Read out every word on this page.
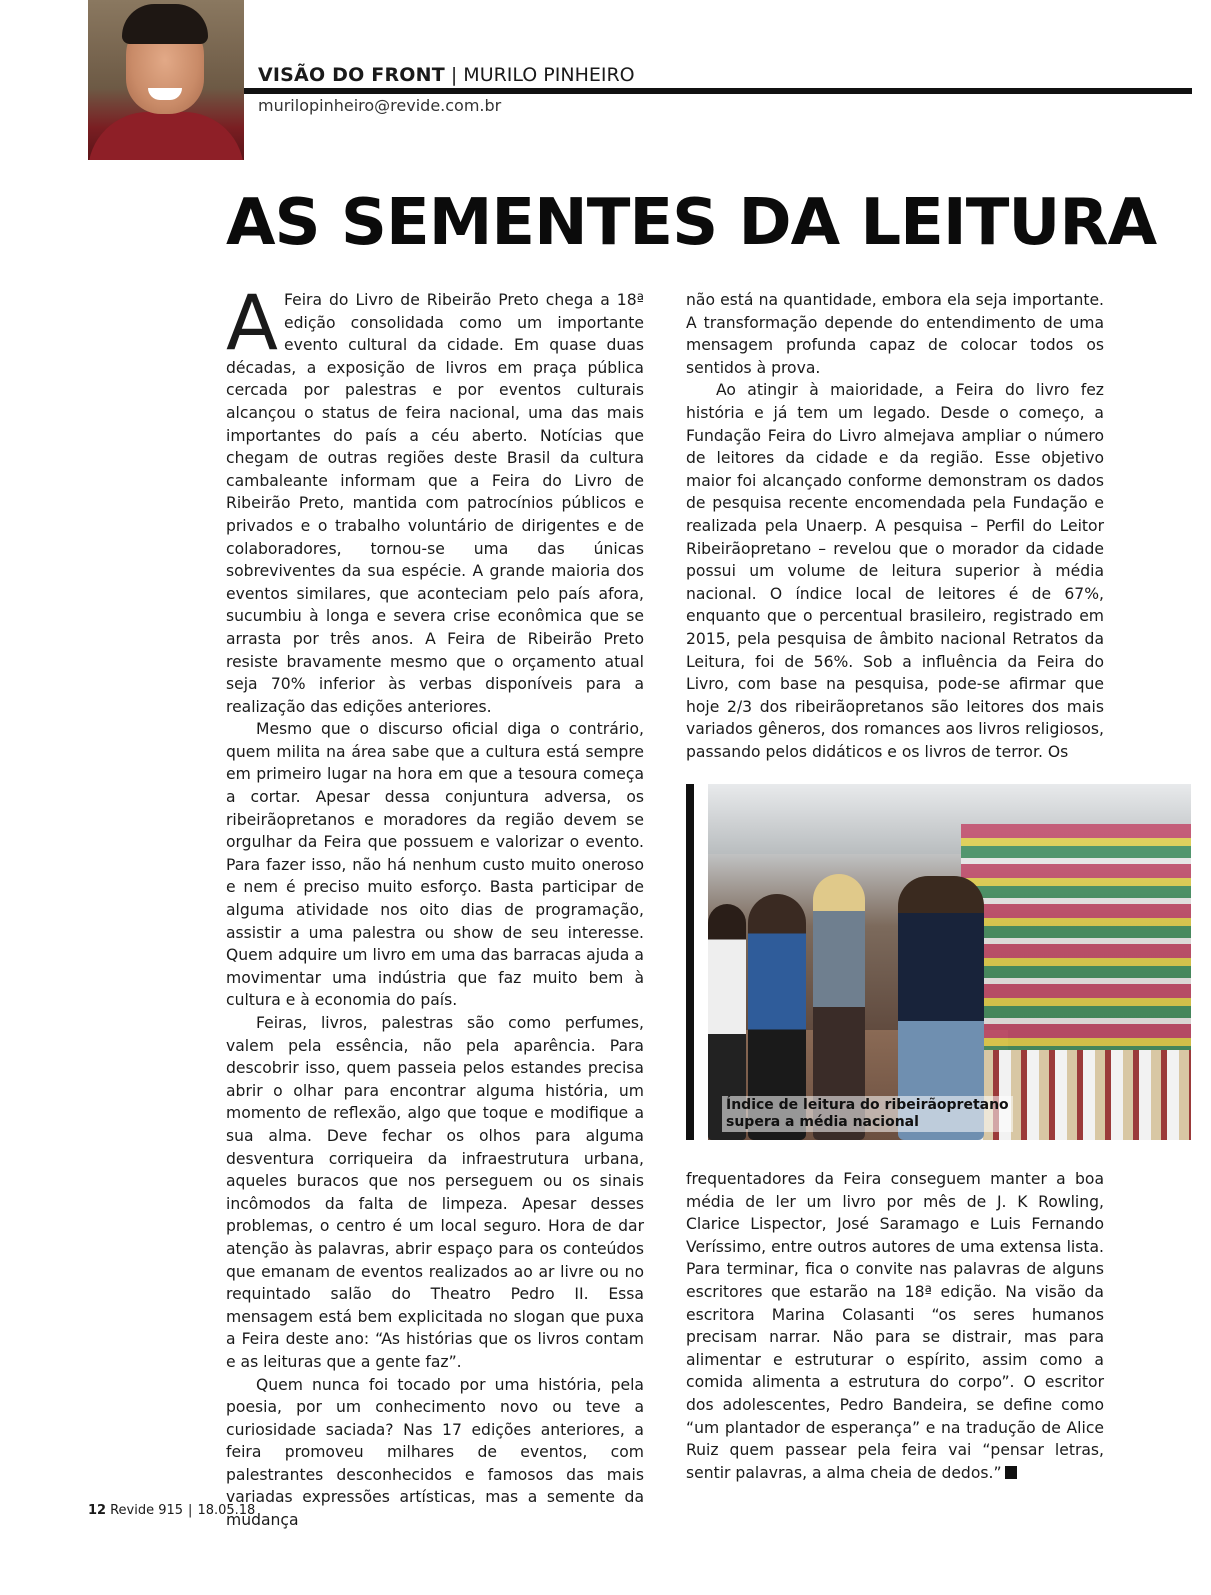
VISÃO DO FRONT | MURILO PINHEIRO
murilopinheiro@revide.com.br
AS SEMENTES DA LEITURA

A Feira do Livro de Ribeirão Preto chega a 18ª edição consolidada como um importante evento cultural da cidade. Em quase duas décadas, a exposição de livros em praça pública cercada por palestras e por eventos culturais alcançou o status de feira nacional, uma das mais importantes do país a céu aberto. Notícias que chegam de outras regiões deste Brasil da cultura cambaleante informam que a Feira do Livro de Ribeirão Preto, mantida com patrocínios públicos e privados e o trabalho voluntário de dirigentes e de colaboradores, tornou-se uma das únicas sobreviventes da sua espécie. A grande maioria dos eventos similares, que aconteciam pelo país afora, sucumbiu à longa e severa crise econômica que se arrasta por três anos. A Feira de Ribeirão Preto resiste bravamente mesmo que o orçamento atual seja 70% inferior às verbas disponíveis para a realização das edições anteriores.

Mesmo que o discurso oficial diga o contrário, quem milita na área sabe que a cultura está sempre em primeiro lugar na hora em que a tesoura começa a cortar. Apesar dessa conjuntura adversa, os ribeirãopretanos e moradores da região devem se orgulhar da Feira que possuem e valorizar o evento. Para fazer isso, não há nenhum custo muito oneroso e nem é preciso muito esforço. Basta participar de alguma atividade nos oito dias de programação, assistir a uma palestra ou show de seu interesse. Quem adquire um livro em uma das barracas ajuda a movimentar uma indústria que faz muito bem à cultura e à economia do país.

Feiras, livros, palestras são como perfumes, valem pela essência, não pela aparência. Para descobrir isso, quem passeia pelos estandes precisa abrir o olhar para encontrar alguma história, um momento de reflexão, algo que toque e modifique a sua alma. Deve fechar os olhos para alguma desventura corriqueira da infraestrutura urbana, aqueles buracos que nos perseguem ou os sinais incômodos da falta de limpeza. Apesar desses problemas, o centro é um local seguro. Hora de dar atenção às palavras, abrir espaço para os conteúdos que emanam de eventos realizados ao ar livre ou no requintado salão do Theatro Pedro II. Essa mensagem está bem explicitada no slogan que puxa a Feira deste ano: “As histórias que os livros contam e as leituras que a gente faz”.

Quem nunca foi tocado por uma história, pela poesia, por um conhecimento novo ou teve a curiosidade saciada? Nas 17 edições anteriores, a feira promoveu milhares de eventos, com palestrantes desconhecidos e famosos das mais variadas expressões artísticas, mas a semente da mudança

não está na quantidade, embora ela seja importante. A transformação depende do entendimento de uma mensagem profunda capaz de colocar todos os sentidos à prova.

Ao atingir à maioridade, a Feira do livro fez história e já tem um legado. Desde o começo, a Fundação Feira do Livro almejava ampliar o número de leitores da cidade e da região. Esse objetivo maior foi alcançado conforme demonstram os dados de pesquisa recente encomendada pela Fundação e realizada pela Unaerp. A pesquisa – Perfil do Leitor Ribeirãopretano – revelou que o morador da cidade possui um volume de leitura superior à média nacional. O índice local de leitores é de 67%, enquanto que o percentual brasileiro, registrado em 2015, pela pesquisa de âmbito nacional Retratos da Leitura, foi de 56%. Sob a influência da Feira do Livro, com base na pesquisa, pode-se afirmar que hoje 2/3 dos ribeirãopretanos são leitores dos mais variados gêneros, dos romances aos livros religiosos, passando pelos didáticos e os livros de terror. Os

Índice de leitura do ribeirãopretano
supera a média nacional

frequentadores da Feira conseguem manter a boa média de ler um livro por mês de J. K Rowling, Clarice Lispector, José Saramago e Luis Fernando Veríssimo, entre outros autores de uma extensa lista. Para terminar, fica o convite nas palavras de alguns escritores que estarão na 18ª edição. Na visão da escritora Marina Colasanti “os seres humanos precisam narrar. Não para se distrair, mas para alimentar e estruturar o espírito, assim como a comida alimenta a estrutura do corpo”. O escritor dos adolescentes, Pedro Bandeira, se define como “um plantador de esperança” e na tradução de Alice Ruiz quem passear pela feira vai “pensar letras, sentir palavras, a alma cheia de dedos.”

12 Revide 915 | 18.05.18
